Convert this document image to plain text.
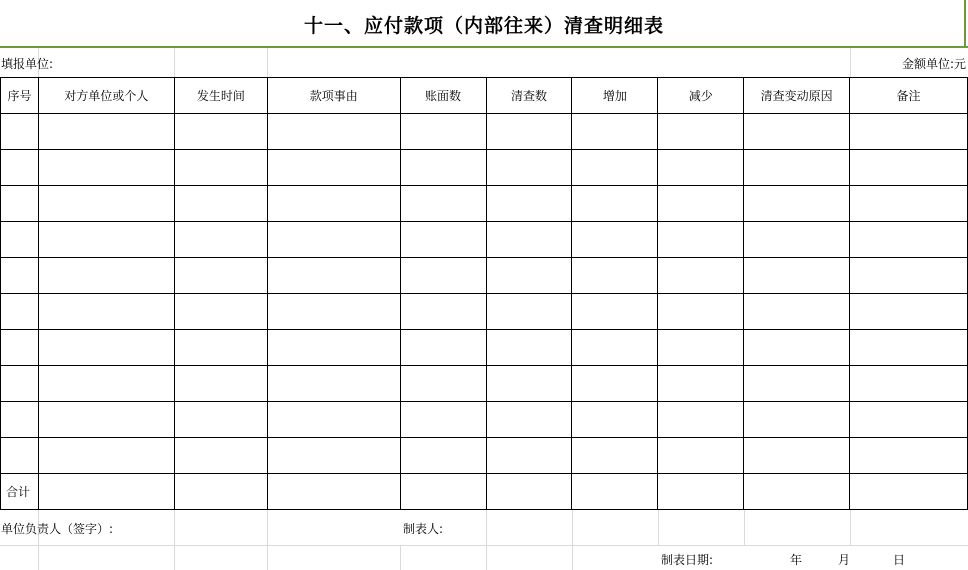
十一、应付款项（内部往来）清查明细表
填报单位:	金额单位:元
序号	对方单位或个人	发生时间	款项事由	账面数	清查数	增加	减少	清查变动原因	备注

合计									
单位负责人（签字）:	制表人:
制表日期:	年	月	日
